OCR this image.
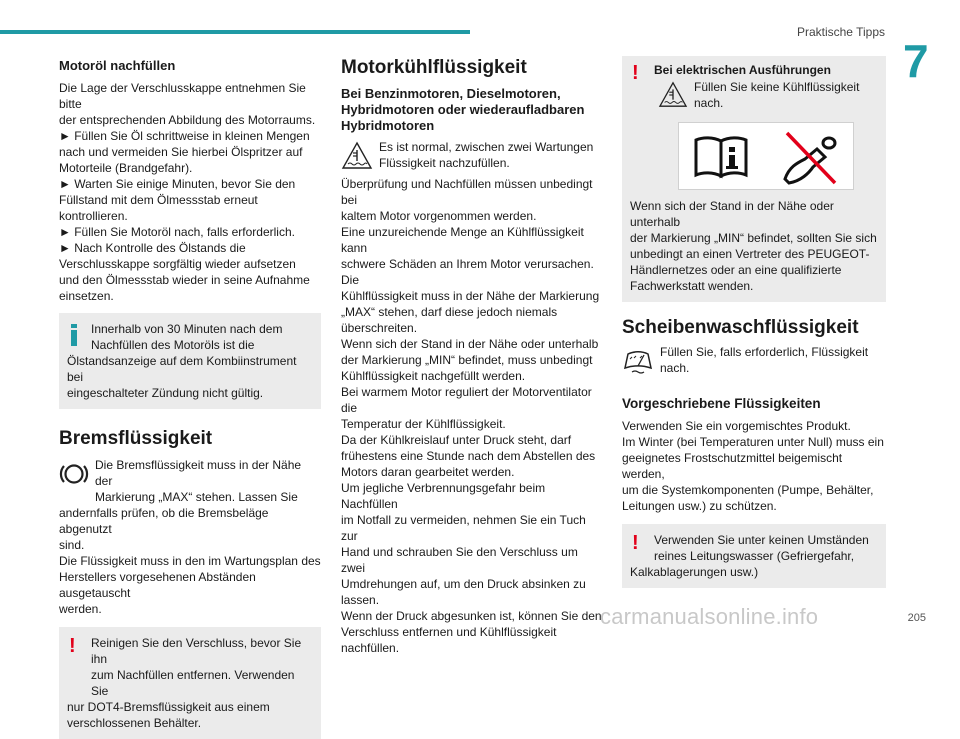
Praktische Tipps
7
Motoröl nachfüllen
Die Lage der Verschlusskappe entnehmen Sie bitte
der entsprechenden Abbildung des Motorraums.
► Füllen Sie Öl schrittweise in kleinen Mengen
nach und vermeiden Sie hierbei Ölspritzer auf
Motorteile (Brandgefahr).
► Warten Sie einige Minuten, bevor Sie den
Füllstand mit dem Ölmessstab erneut kontrollieren.
► Füllen Sie Motoröl nach, falls erforderlich.
► Nach Kontrolle des Ölstands die
Verschlusskappe sorgfältig wieder aufsetzen
und den Ölmessstab wieder in seine Aufnahme
einsetzen.
Innerhalb von 30 Minuten nach dem
Nachfüllen des Motoröls ist die
Ölstandsanzeige auf dem Kombiinstrument bei
eingeschalteter Zündung nicht gültig.
Bremsflüssigkeit
Die Bremsflüssigkeit muss in der Nähe der
Markierung „MAX“ stehen. Lassen Sie
andernfalls prüfen, ob die Bremsbeläge abgenutzt
sind.
Die Flüssigkeit muss in den im Wartungsplan des
Herstellers vorgesehenen Abständen ausgetauscht
werden.
! Reinigen Sie den Verschluss, bevor Sie ihn
zum Nachfüllen entfernen. Verwenden Sie
nur DOT4-Bremsflüssigkeit aus einem
verschlossenen Behälter.
Motorkühlflüssigkeit
Bei Benzinmotoren, Dieselmotoren,
Hybridmotoren oder wiederaufladbaren
Hybridmotoren
Es ist normal, zwischen zwei Wartungen
Flüssigkeit nachzufüllen.
Überprüfung und Nachfüllen müssen unbedingt bei
kaltem Motor vorgenommen werden.
Eine unzureichende Menge an Kühlflüssigkeit kann
schwere Schäden an Ihrem Motor verursachen. Die
Kühlflüssigkeit muss in der Nähe der Markierung
„MAX“ stehen, darf diese jedoch niemals
überschreiten.
Wenn sich der Stand in der Nähe oder unterhalb
der Markierung „MIN“ befindet, muss unbedingt
Kühlflüssigkeit nachgefüllt werden.
Bei warmem Motor reguliert der Motorventilator die
Temperatur der Kühlflüssigkeit.
Da der Kühlkreislauf unter Druck steht, darf
frühestens eine Stunde nach dem Abstellen des
Motors daran gearbeitet werden.
Um jegliche Verbrennungsgefahr beim Nachfüllen
im Notfall zu vermeiden, nehmen Sie ein Tuch zur
Hand und schrauben Sie den Verschluss um zwei
Umdrehungen auf, um den Druck absinken zu
lassen.
Wenn der Druck abgesunken ist, können Sie den
Verschluss entfernen und Kühlflüssigkeit nachfüllen.
!	Bei elektrischen Ausführungen
Füllen Sie keine Kühlflüssigkeit
nach.
Wenn sich der Stand in der Nähe oder unterhalb
der Markierung „MIN“ befindet, sollten Sie sich
unbedingt an einen Vertreter des PEUGEOT-
Händlernetzes oder an eine qualifizierte
Fachwerkstatt wenden.
Scheibenwaschflüssigkeit
Füllen Sie, falls erforderlich, Flüssigkeit nach.
Vorgeschriebene Flüssigkeiten
Verwenden Sie ein vorgemischtes Produkt.
Im Winter (bei Temperaturen unter Null) muss ein
geeignetes Frostschutzmittel beigemischt werden,
um die Systemkomponenten (Pumpe, Behälter,
Leitungen usw.) zu schützen.
! Verwenden Sie unter keinen Umständen
reines Leitungswasser (Gefriergefahr,
Kalkablagerungen usw.)
carmanualsonline.info	205
